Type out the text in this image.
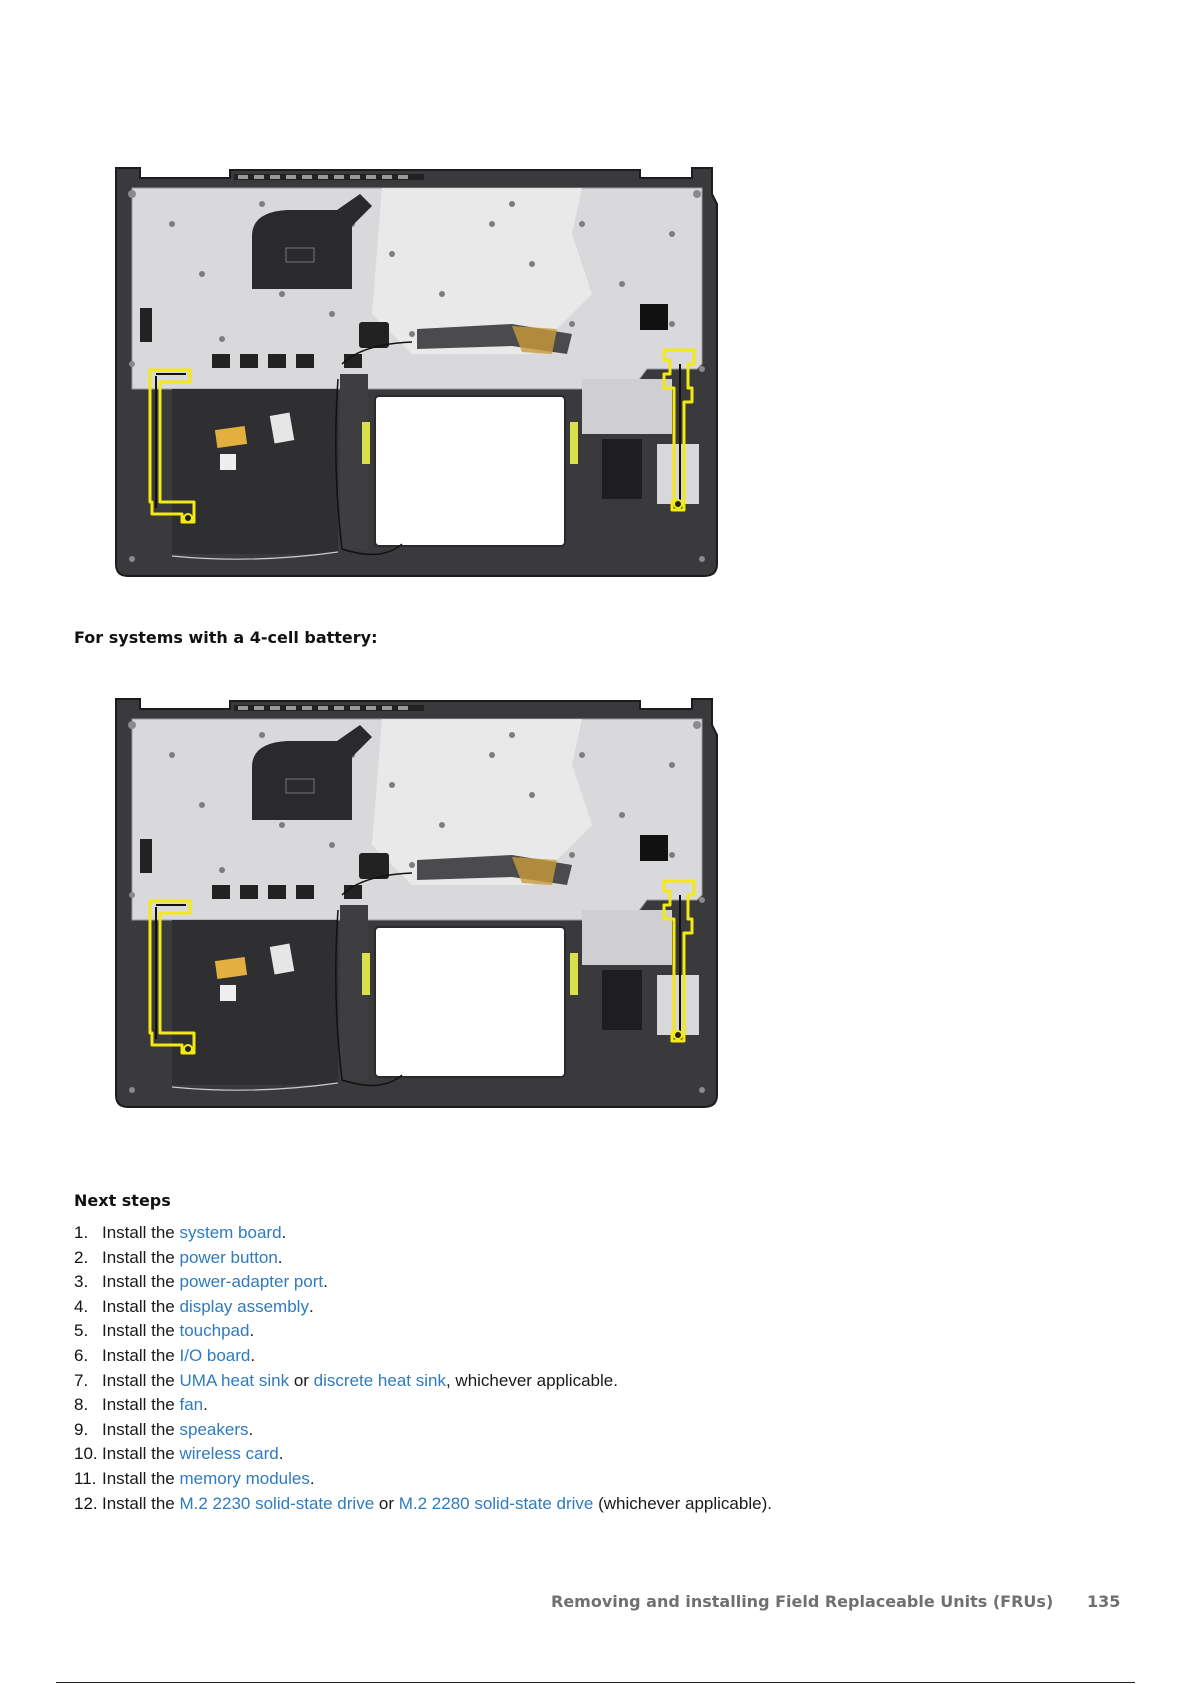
For systems with a 4-cell battery:
Next steps
1. Install the system board .
2. Install the power button .
3. Install the power-adapter port .
4. Install the display assembly .
5. Install the touchpad .
6. Install the I/O board .
7. Install the UMA heat sink or discrete heat sink , whichever applicable.
8. Install the fan .
9. Install the speakers .
10. Install the wireless card .
11. Install the memory modules .
12. Install the M.2 2230 solid-state drive or M.2 2280 solid-state drive (whichever applicable).
Removing and installing Field Replaceable Units (FRUs) 135
